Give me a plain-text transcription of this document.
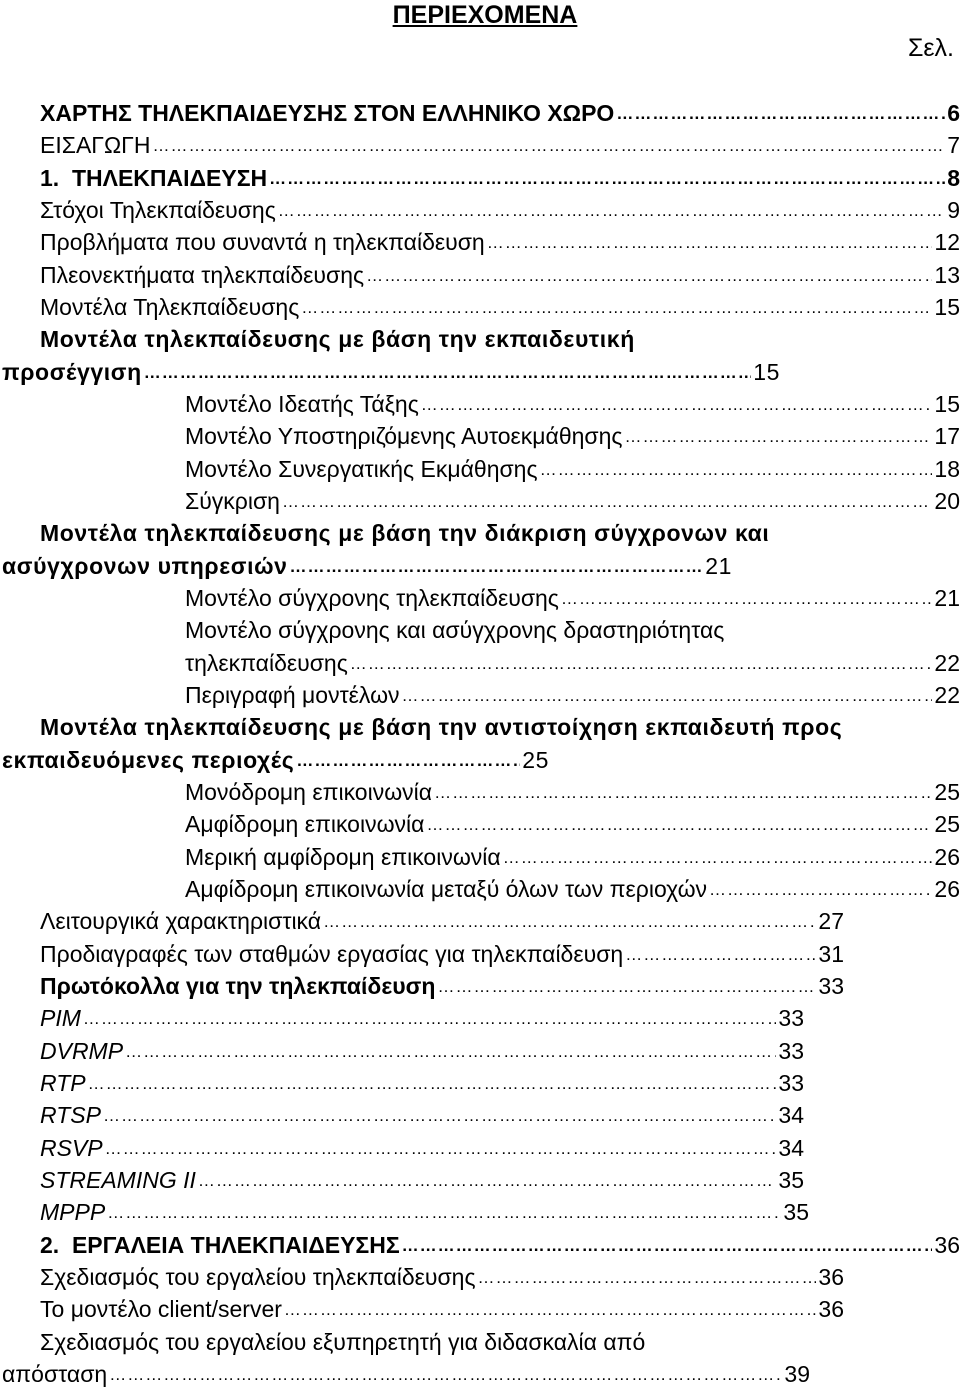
ΠΕΡΙΕΧΟΜΕΝΑ
Σελ.
ΧΑΡΤΗΣ ΤΗΛΕΚΠΑΙΔΕΥΣΗΣ ΣΤΟΝ ΕΛΛΗΝΙΚΟ ΧΩΡΟ ………………………………………………………………………………………………………………………………………………	6
ΕΙΣΑΓΩΓΗ ………………………………………………………………………………………………………………………………………………	7
1.  ΤΗΛΕΚΠΑΙΔΕΥΣΗ ………………………………………………………………………………………………………………………………………………	8
Στόχοι Τηλεκπαίδευσης ………………………………………………………………………………………………………………………………………………	9
Προβλήματα που συναντά η τηλεκπαίδευση ………………………………………………………………………………………………………………………………………………	12
Πλεονεκτήματα τηλεκπαίδευσης ………………………………………………………………………………………………………………………………………………	13
Μοντέλα Τηλεκπαίδευσης ………………………………………………………………………………………………………………………………………………	15
Μοντέλα τηλεκπαίδευσης με βάση την εκπαιδευτική
προσέγγιση ………………………………………………………………………………………………………………………………………………	15
Μοντέλο Ιδεατής Τάξης ………………………………………………………………………………………………………………………………………………	15
Μοντέλο Υποστηριζόμενης Αυτοεκμάθησης ………………………………………………………………………………………………………………………………………………	17
Μοντέλο Συνεργατικής Εκμάθησης ………………………………………………………………………………………………………………………………………………	18
Σύγκριση ………………………………………………………………………………………………………………………………………………	20
Μοντέλα τηλεκπαίδευσης με βάση την διάκριση σύγχρονων και
ασύγχρονων υπηρεσιών ………………………………………………………………………………………………………………………………………………	21
Μοντέλο σύγχρονης τηλεκπαίδευσης ………………………………………………………………………………………………………………………………………………	21
Μοντέλο σύγχρονης και ασύγχρονης δραστηριότητας
τηλεκπαίδευσης ………………………………………………………………………………………………………………………………………………	22
Περιγραφή μοντέλων ………………………………………………………………………………………………………………………………………………	22
Μοντέλα τηλεκπαίδευσης με βάση την αντιστοίχηση εκπαιδευτή προς
εκπαιδευόμενες περιοχές ………………………………………………………………………………………………………………………………………………	25
Μονόδρομη επικοινωνία ………………………………………………………………………………………………………………………………………………	25
Αμφίδρομη επικοινωνία ………………………………………………………………………………………………………………………………………………	25
Μερική αμφίδρομη επικοινωνία ………………………………………………………………………………………………………………………………………………	26
Αμφίδρομη επικοινωνία μεταξύ όλων των περιοχών ………………………………………………………………………………………………………………………………………………	26
Λειτουργικά χαρακτηριστικά ………………………………………………………………………………………………………………………………………………	27
Προδιαγραφές των σταθμών εργασίας για τηλεκπαίδευση ………………………………………………………………………………………………………………………………………………	31
Πρωτόκολλα για την τηλεκπαίδευση ………………………………………………………………………………………………………………………………………………	33
PIM ………………………………………………………………………………………………………………………………………………	33
DVRMP ………………………………………………………………………………………………………………………………………………	33
RTP ………………………………………………………………………………………………………………………………………………	33
RTSP ………………………………………………………………………………………………………………………………………………	34
RSVP ………………………………………………………………………………………………………………………………………………	34
STREAMING II ………………………………………………………………………………………………………………………………………………	35
MPPP ………………………………………………………………………………………………………………………………………………	35
2.  ΕΡΓΑΛΕΙΑ ΤΗΛΕΚΠΑΙΔΕΥΣΗΣ ………………………………………………………………………………………………………………………………………………	36
Σχεδιασμός του εργαλείου τηλεκπαίδευσης ………………………………………………………………………………………………………………………………………………	36
Το μοντέλο client/server ………………………………………………………………………………………………………………………………………………	36
Σχεδιασμός του εργαλείου εξυπηρετητή για διδασκαλία από
απόσταση ………………………………………………………………………………………………………………………………………………	39
